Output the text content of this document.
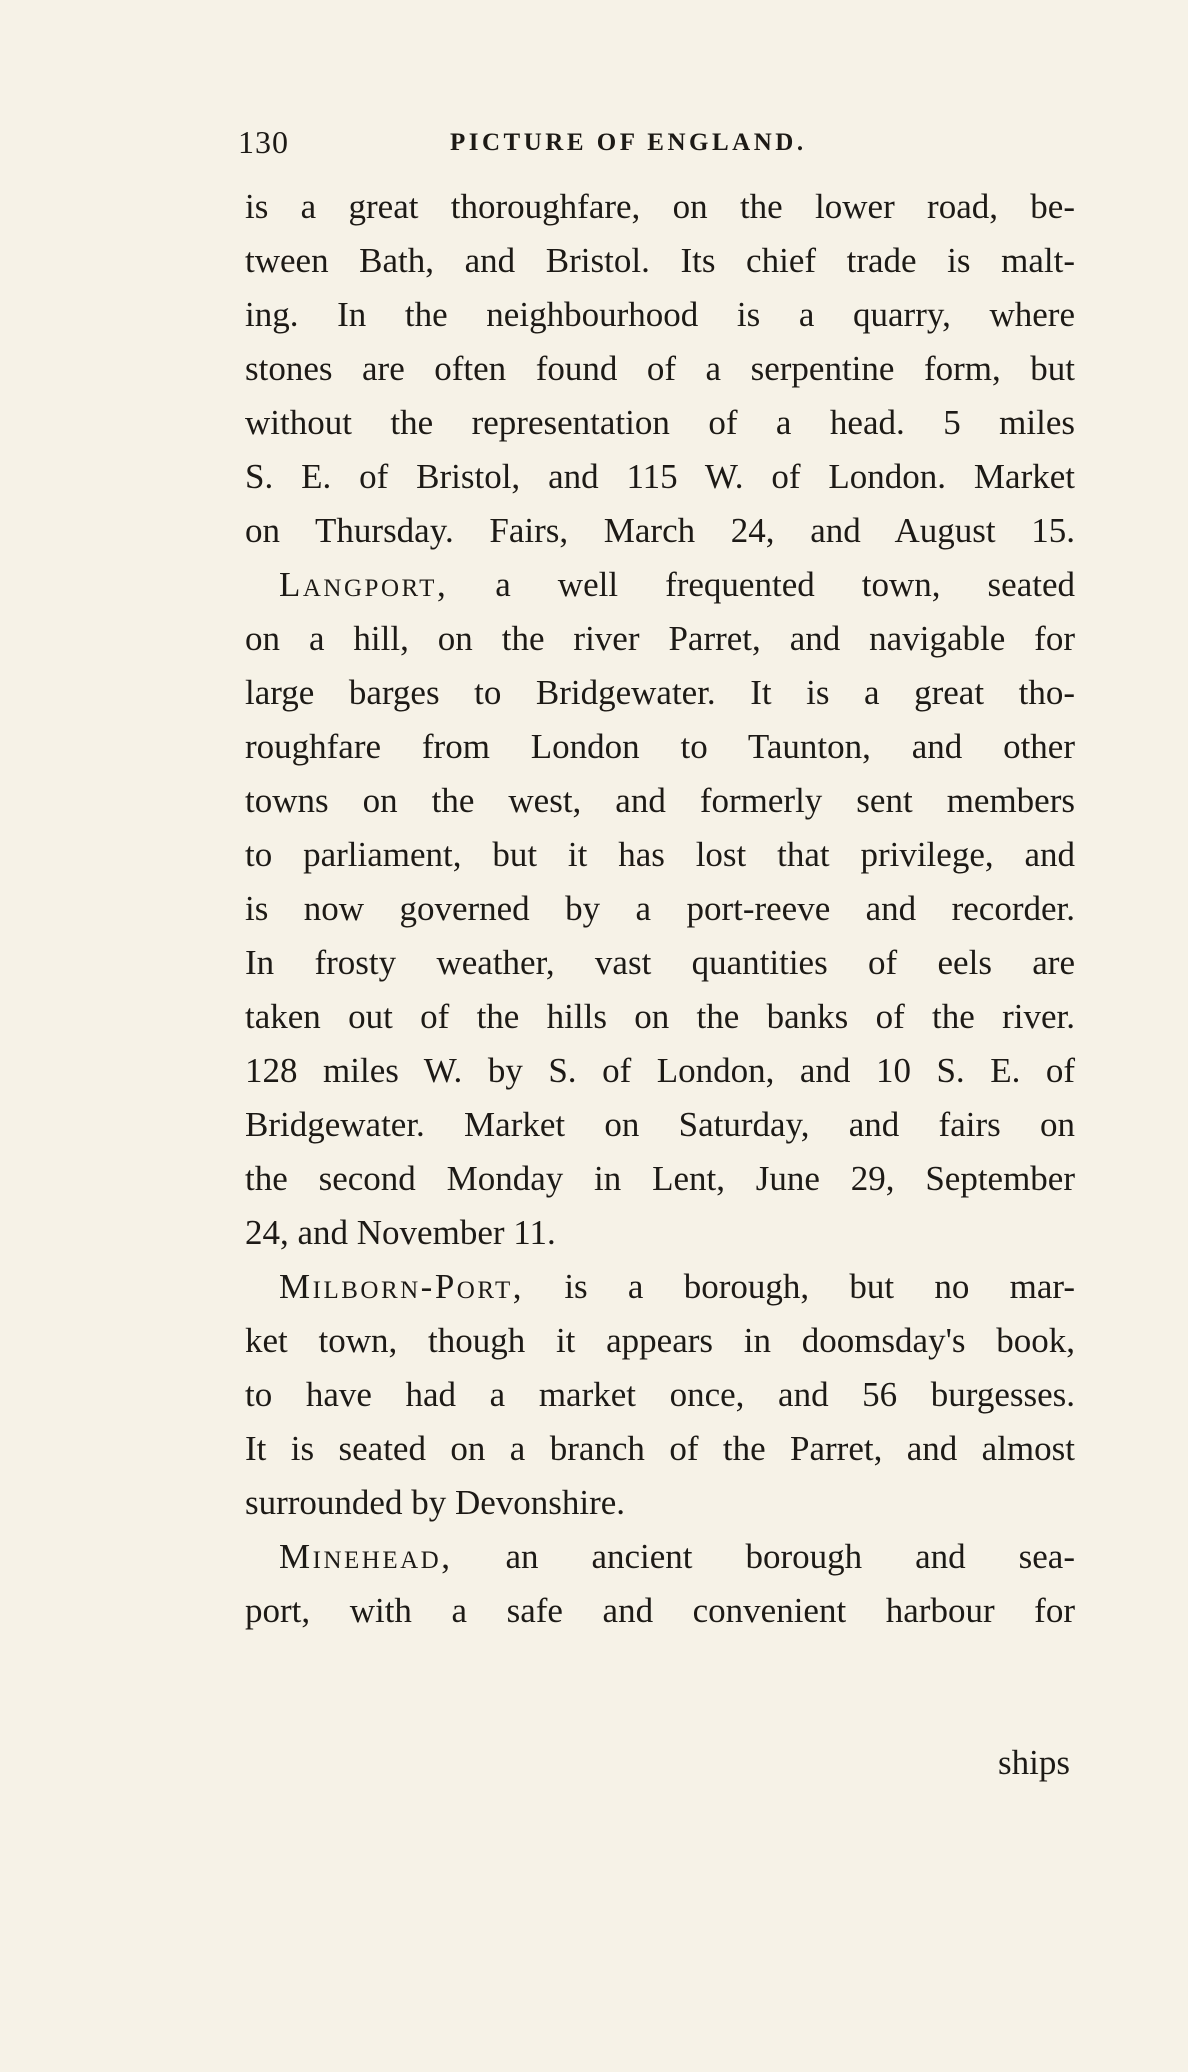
130	PICTURE OF ENGLAND.
is a great thoroughfare, on the lower road, be-
tween Bath, and Bristol. Its chief trade is malt-
ing. In the neighbourhood is a quarry, where
stones are often found of a serpentine form, but
without the representation of a head. 5 miles
S. E. of Bristol, and 115 W. of London. Market
on Thursday. Fairs, March 24, and August 15.
Langport, a well frequented town, seated
on a hill, on the river Parret, and navigable for
large barges to Bridgewater. It is a great tho-
roughfare from London to Taunton, and other
towns on the west, and formerly sent members
to parliament, but it has lost that privilege, and
is now governed by a port-reeve and recorder.
In frosty weather, vast quantities of eels are
taken out of the hills on the banks of the river.
128 miles W. by S. of London, and 10 S. E. of
Bridgewater. Market on Saturday, and fairs on
the second Monday in Lent, June 29, September
24, and November 11.
Milborn-Port, is a borough, but no mar-
ket town, though it appears in doomsday's book,
to have had a market once, and 56 burgesses.
It is seated on a branch of the Parret, and almost
surrounded by Devonshire.
Minehead, an ancient borough and sea-
port, with a safe and convenient harbour for
ships
